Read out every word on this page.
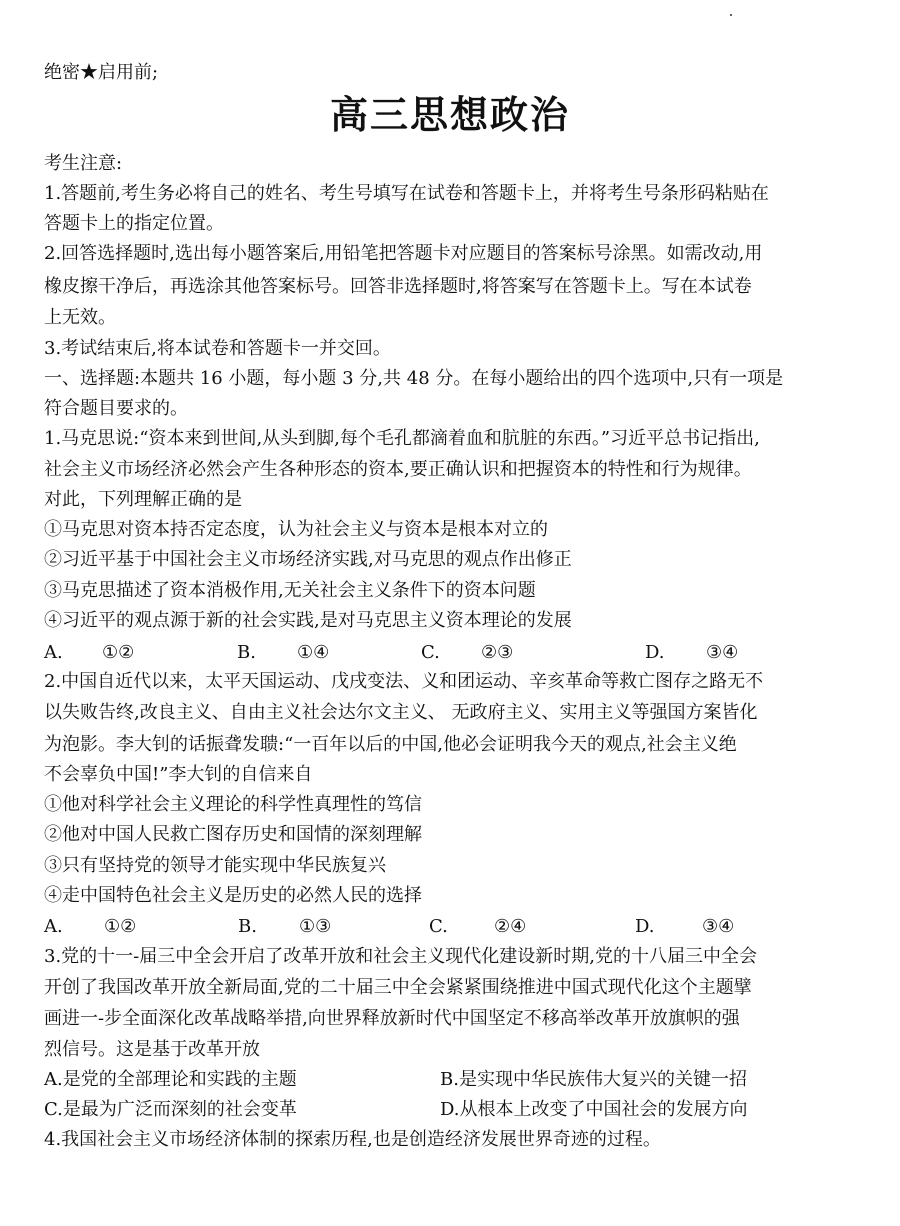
绝密★启用前;
高三思想政治
考生注意:
1.答题前,考生务必将自己的姓名、考生号填写在试卷和答题卡上，并将考生号条形码粘贴在
答题卡上的指定位置。
2.回答选择题时,选出每小题答案后,用铅笔把答题卡对应题目的答案标号涂黑。如需改动,用
橡皮擦干净后，再选涂其他答案标号。回答非选择题时,将答案写在答题卡上。写在本试卷
上无效。
3.考试结束后,将本试卷和答题卡一并交回。
一、选择题:本题共 16 小题，每小题 3 分,共 48 分。在每小题给出的四个选项中,只有一项是
符合题目要求的。
1.马克思说:“资本来到世间,从头到脚,每个毛孔都滴着血和肮脏的东西。”习近平总书记指出,
社会主义市场经济必然会产生各种形态的资本,要正确认识和把握资本的特性和行为规律。
对此，下列理解正确的是
①马克思对资本持否定态度，认为社会主义与资本是根本对立的
②习近平基于中国社会主义市场经济实践,对马克思的观点作出修正
③马克思描述了资本消极作用,无关社会主义条件下的资本问题
④习近平的观点源于新的社会实践,是对马克思主义资本理论的发展
A. ①②	B. ①④	C. ②③	D. ③④
2.中国自近代以来，太平天国运动、戊戌变法、义和团运动、辛亥革命等救亡图存之路无不
以失败告终,改良主义、自由主义社会达尔文主义、 无政府主义、实用主义等强国方案皆化
为泡影。李大钊的话振聋发聩:“一百年以后的中国,他必会证明我今天的观点,社会主义绝
不会辜负中国!”李大钊的自信来自
①他对科学社会主义理论的科学性真理性的笃信
②他对中国人民救亡图存历史和国情的深刻理解
③只有坚持党的领导才能实现中华民族复兴
④走中国特色社会主义是历史的必然人民的选择
A. ①②	B. ①③	C.	②④	D.	③④
3.党的十一-届三中全会开启了改革开放和社会主义现代化建设新时期,党的十八届三中全会
开创了我国改革开放全新局面,党的二十届三中全会紧紧围绕推进中国式现代化这个主题擘
画进一-步全面深化改革战略举措,向世界释放新时代中国坚定不移高举改革开放旗帜的强
烈信号。这是基于改革开放
A.是党的全部理论和实践的主题	B.是实现中华民族伟大复兴的关键一招
C.是最为广泛而深刻的社会变革	D.从根本上改变了中国社会的发展方向
4.我国社会主义市场经济体制的探索历程,也是创造经济发展世界奇迹的过程。
